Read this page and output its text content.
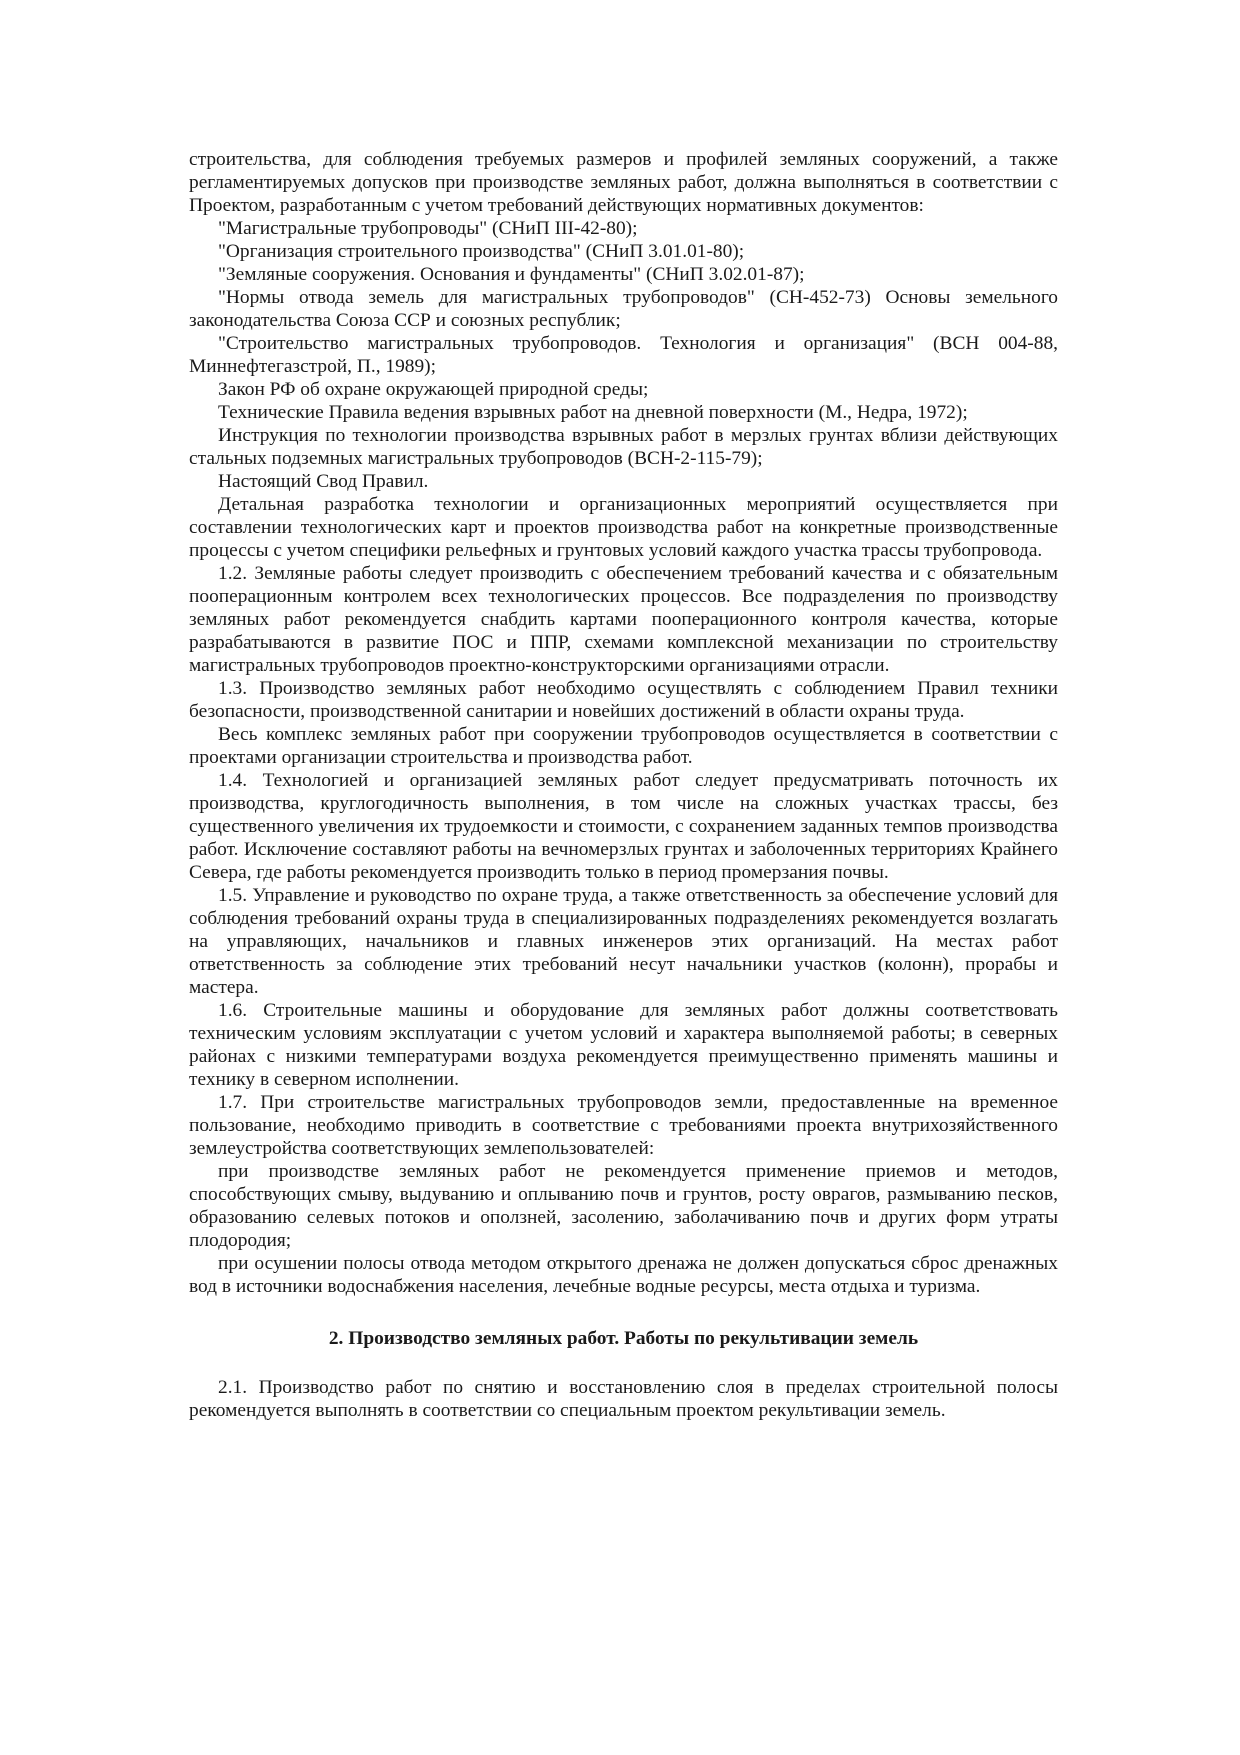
строительства, для соблюдения требуемых размеров и профилей земляных сооружений, а также регламентируемых допусков при производстве земляных работ, должна выполняться в соответствии с Проектом, разработанным с учетом требований действующих нормативных документов:

"Магистральные трубопроводы" (СНиП III-42-80);

"Организация строительного производства" (СНиП 3.01.01-80);

"Земляные сооружения. Основания и фундаменты" (СНиП 3.02.01-87);

"Нормы отвода земель для магистральных трубопроводов" (СН-452-73) Основы земельного законодательства Союза ССР и союзных республик;

"Строительство магистральных трубопроводов. Технология и организация" (ВСН 004-88, Миннефтегазстрой, П., 1989);

Закон РФ об охране окружающей природной среды;

Технические Правила ведения взрывных работ на дневной поверхности (М., Недра, 1972);

Инструкция по технологии производства взрывных работ в мерзлых грунтах вблизи действующих стальных подземных магистральных трубопроводов (ВСН-2-115-79);

Настоящий Свод Правил.

Детальная разработка технологии и организационных мероприятий осуществляется при составлении технологических карт и проектов производства работ на конкретные производственные процессы с учетом специфики рельефных и грунтовых условий каждого участка трассы трубопровода.

1.2. Земляные работы следует производить с обеспечением требований качества и с обязательным пооперационным контролем всех технологических процессов. Все подразделения по производству земляных работ рекомендуется снабдить картами пооперационного контроля качества, которые разрабатываются в развитие ПОС и ППР, схемами комплексной механизации по строительству магистральных трубопроводов проектно-конструкторскими организациями отрасли.

1.3. Производство земляных работ необходимо осуществлять с соблюдением Правил техники безопасности, производственной санитарии и новейших достижений в области охраны труда.

Весь комплекс земляных работ при сооружении трубопроводов осуществляется в соответствии с проектами организации строительства и производства работ.

1.4. Технологией и организацией земляных работ следует предусматривать поточность их производства, круглогодичность выполнения, в том числе на сложных участках трассы, без существенного увеличения их трудоемкости и стоимости, с сохранением заданных темпов производства работ. Исключение составляют работы на вечномерзлых грунтах и заболоченных территориях Крайнего Севера, где работы рекомендуется производить только в период промерзания почвы.

1.5. Управление и руководство по охране труда, а также ответственность за обеспечение условий для соблюдения требований охраны труда в специализированных подразделениях рекомендуется возлагать на управляющих, начальников и главных инженеров этих организаций. На местах работ ответственность за соблюдение этих требований несут начальники участков (колонн), прорабы и мастера.

1.6. Строительные машины и оборудование для земляных работ должны соответствовать техническим условиям эксплуатации с учетом условий и характера выполняемой работы; в северных районах с низкими температурами воздуха рекомендуется преимущественно применять машины и технику в северном исполнении.

1.7. При строительстве магистральных трубопроводов земли, предоставленные на временное пользование, необходимо приводить в соответствие с требованиями проекта внутрихозяйственного землеустройства соответствующих землепользователей:

при производстве земляных работ не рекомендуется применение приемов и методов, способствующих смыву, выдуванию и оплыванию почв и грунтов, росту оврагов, размыванию песков, образованию селевых потоков и оползней, засолению, заболачиванию почв и других форм утраты плодородия;

при осушении полосы отвода методом открытого дренажа не должен допускаться сброс дренажных вод в источники водоснабжения населения, лечебные водные ресурсы, места отдыха и туризма.

2. Производство земляных работ. Работы по рекультивации земель

2.1. Производство работ по снятию и восстановлению слоя в пределах строительной полосы рекомендуется выполнять в соответствии со специальным проектом рекультивации земель.
